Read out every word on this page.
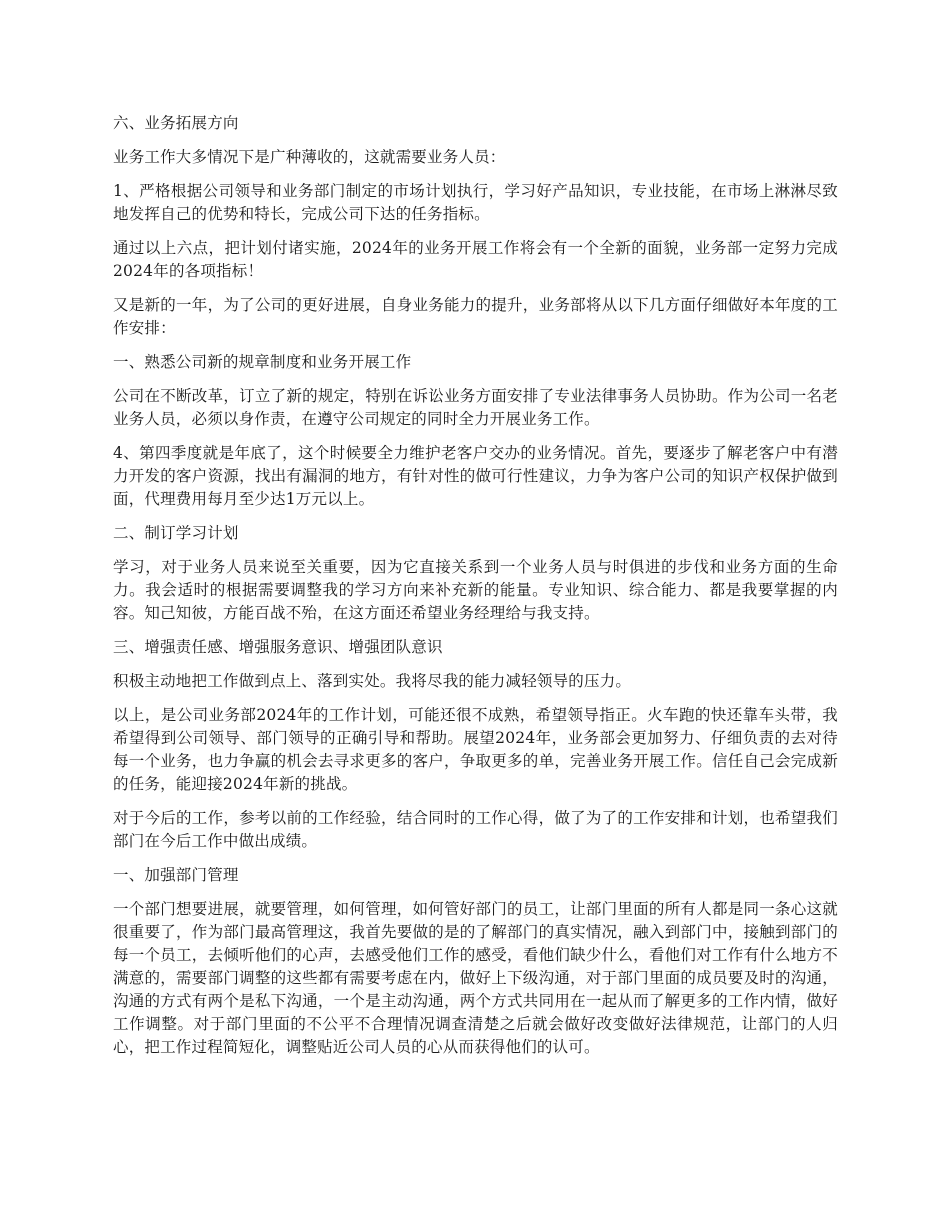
六、业务拓展方向

业务工作大多情况下是广种薄收的，这就需要业务人员：

1、严格根据公司领导和业务部门制定的市场计划执行，学习好产品知识，专业技能，在市场上淋淋尽致地发挥自己的优势和特长，完成公司下达的任务指标。

通过以上六点，把计划付诸实施，2024年的业务开展工作将会有一个全新的面貌，业务部一定努力完成2024年的各项指标！

又是新的一年，为了公司的更好进展，自身业务能力的提升，业务部将从以下几方面仔细做好本年度的工作安排：

一、熟悉公司新的规章制度和业务开展工作

公司在不断改革，订立了新的规定，特别在诉讼业务方面安排了专业法律事务人员协助。作为公司一名老业务人员，必须以身作责，在遵守公司规定的同时全力开展业务工作。

4、第四季度就是年底了，这个时候要全力维护老客户交办的业务情况。首先，要逐步了解老客户中有潜力开发的客户资源，找出有漏洞的地方，有针对性的做可行性建议，力争为客户公司的知识产权保护做到面，代理费用每月至少达1万元以上。

二、制订学习计划

学习，对于业务人员来说至关重要，因为它直接关系到一个业务人员与时俱进的步伐和业务方面的生命力。我会适时的根据需要调整我的学习方向来补充新的能量。专业知识、综合能力、都是我要掌握的内容。知己知彼，方能百战不殆，在这方面还希望业务经理给与我支持。

三、增强责任感、增强服务意识、增强团队意识

积极主动地把工作做到点上、落到实处。我将尽我的能力减轻领导的压力。

以上，是公司业务部2024年的工作计划，可能还很不成熟，希望领导指正。火车跑的快还靠车头带，我希望得到公司领导、部门领导的正确引导和帮助。展望2024年，业务部会更加努力、仔细负责的去对待每一个业务，也力争赢的机会去寻求更多的客户，争取更多的单，完善业务开展工作。信任自己会完成新的任务，能迎接2024年新的挑战。

对于今后的工作，参考以前的工作经验，结合同时的工作心得，做了为了的工作安排和计划，也希望我们部门在今后工作中做出成绩。

一、加强部门管理

一个部门想要进展，就要管理，如何管理，如何管好部门的员工，让部门里面的所有人都是同一条心这就很重要了，作为部门最高管理这，我首先要做的是的了解部门的真实情况，融入到部门中，接触到部门的每一个员工，去倾听他们的心声，去感受他们工作的感受，看他们缺少什么，看他们对工作有什么地方不满意的，需要部门调整的这些都有需要考虑在内，做好上下级沟通，对于部门里面的成员要及时的沟通，沟通的方式有两个是私下沟通，一个是主动沟通，两个方式共同用在一起从而了解更多的工作内情，做好工作调整。对于部门里面的不公平不合理情况调查清楚之后就会做好改变做好法律规范，让部门的人归心，把工作过程简短化，调整贴近公司人员的心从而获得他们的认可。
